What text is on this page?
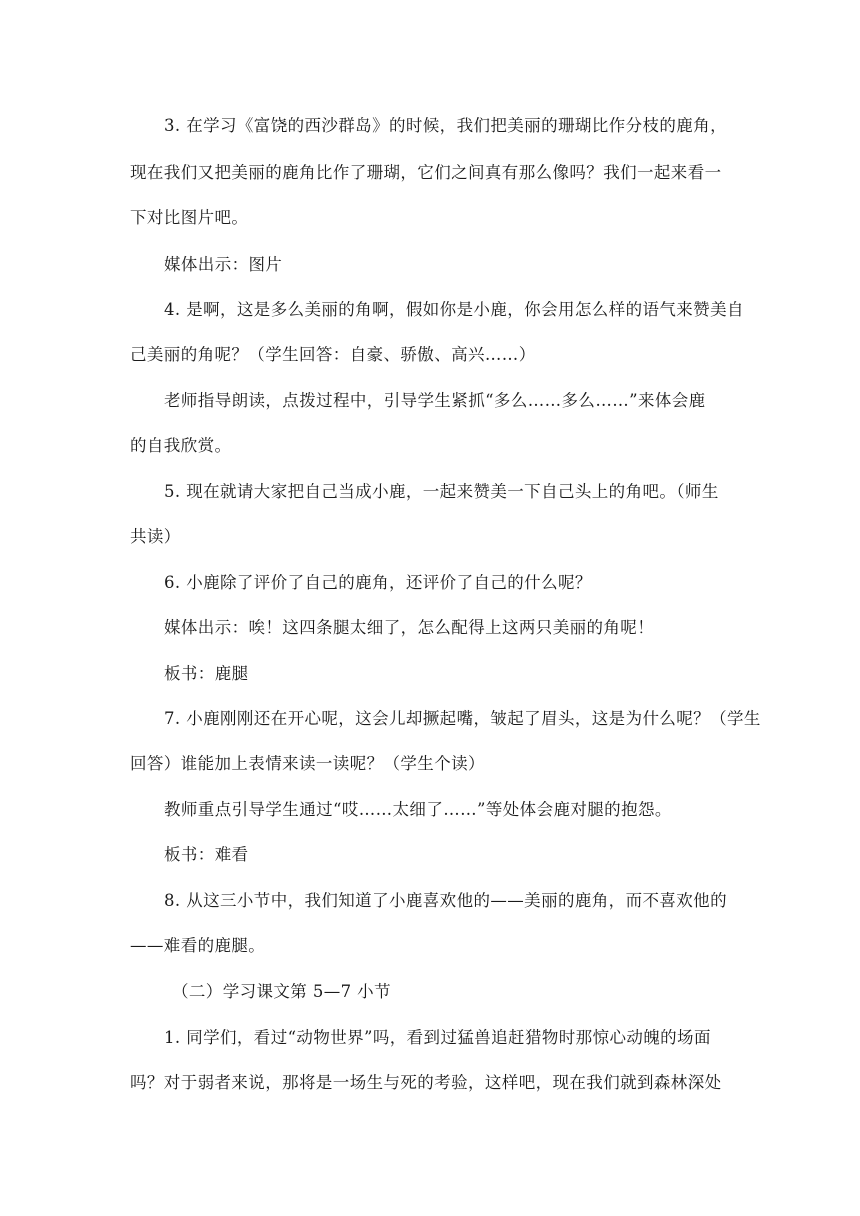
3. 在学习《富饶的西沙群岛》的时候，我们把美丽的珊瑚比作分枝的鹿角，
现在我们又把美丽的鹿角比作了珊瑚，它们之间真有那么像吗？我们一起来看一
下对比图片吧。
媒体出示：图片
4. 是啊，这是多么美丽的角啊，假如你是小鹿，你会用怎么样的语气来赞美自
己美丽的角呢？（学生回答：自豪、骄傲、高兴……）
老师指导朗读，点拨过程中，引导学生紧抓“多么……多么……”来体会鹿
的自我欣赏。
5. 现在就请大家把自己当成小鹿，一起来赞美一下自己头上的角吧。（师生
共读）
6. 小鹿除了评价了自己的鹿角，还评价了自己的什么呢？
媒体出示：唉！这四条腿太细了，怎么配得上这两只美丽的角呢！
板书：鹿腿
7. 小鹿刚刚还在开心呢，这会儿却撅起嘴，皱起了眉头，这是为什么呢？（学生
回答）谁能加上表情来读一读呢？（学生个读）
教师重点引导学生通过“哎……太细了……”等处体会鹿对腿的抱怨。
板书：难看
8. 从这三小节中，我们知道了小鹿喜欢他的——美丽的鹿角，而不喜欢他的
——难看的鹿腿。
（二）学习课文第 5—7 小节
1. 同学们，看过“动物世界”吗，看到过猛兽追赶猎物时那惊心动魄的场面
吗？对于弱者来说，那将是一场生与死的考验，这样吧，现在我们就到森林深处
